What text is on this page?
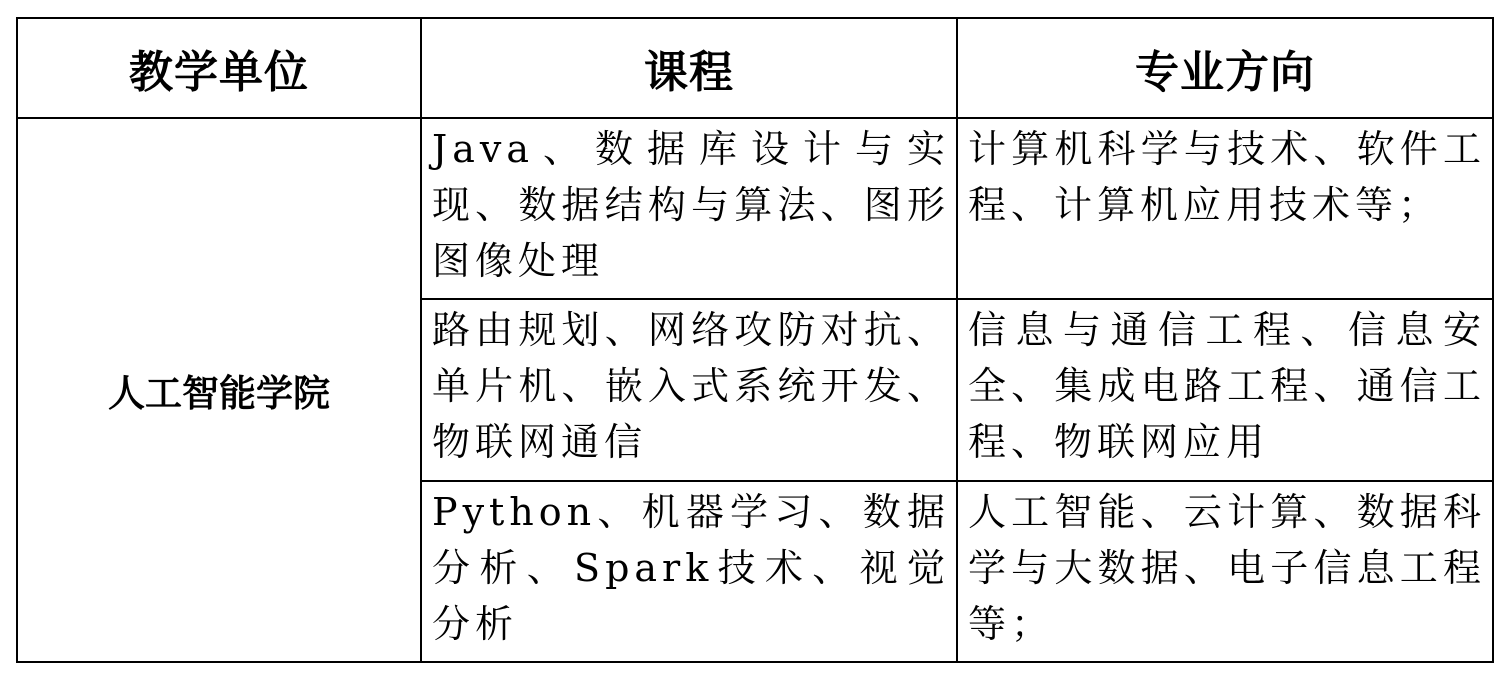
教学单位	课程	专业方向
人工智能学院	Java、数据库设计与实现、数据结构与算法、图形图像处理	计算机科学与技术、软件工程、计算机应用技术等；
	路由规划、网络攻防对抗、单片机、嵌入式系统开发、物联网通信	信息与通信工程、信息安全、集成电路工程、通信工程、物联网应用
	Python、机器学习、数据分析、Spark技术、视觉分析	人工智能、云计算、数据科学与大数据、电子信息工程等；
